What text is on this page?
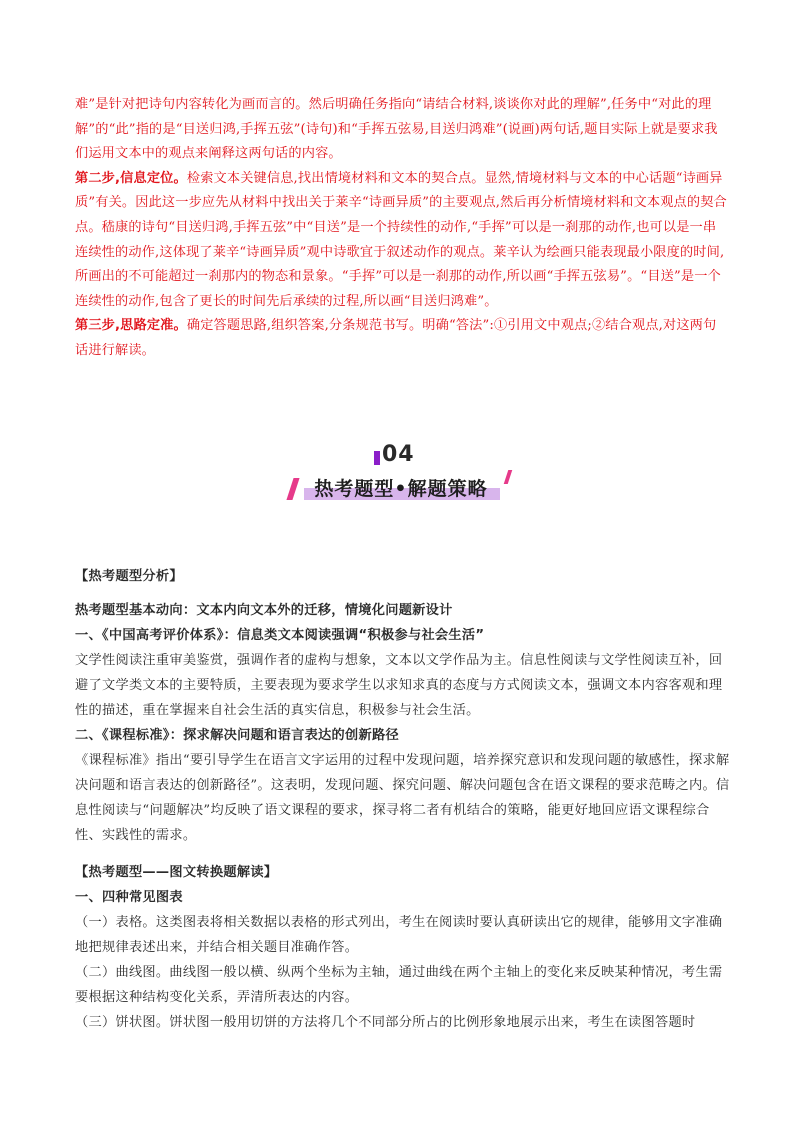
难”是针对把诗句内容转化为画而言的。然后明确任务指向“请结合材料,谈谈你对此的理解”,任务中“对此的理解”的“此”指的是“目送归鸿,手挥五弦”(诗句)和“手挥五弦易,目送归鸿难”(说画)两句话,题目实际上就是要求我们运用文本中的观点来阐释这两句话的内容。

第二步,信息定位。检索文本关键信息,找出情境材料和文本的契合点。显然,情境材料与文本的中心话题“诗画异质”有关。因此这一步应先从材料中找出关于莱辛“诗画异质”的主要观点,然后再分析情境材料和文本观点的契合点。嵇康的诗句“目送归鸿,手挥五弦”中“目送”是一个持续性的动作,“手挥”可以是一刹那的动作,也可以是一串连续性的动作,这体现了莱辛“诗画异质”观中诗歌宜于叙述动作的观点。莱辛认为绘画只能表现最小限度的时间,所画出的不可能超过一刹那内的物态和景象。“手挥”可以是一刹那的动作,所以画“手挥五弦易”。“目送”是一个连续性的动作,包含了更长的时间先后承续的过程,所以画“目送归鸿难”。

第三步,思路定准。确定答题思路,组织答案,分条规范书写。明确“答法”:①引用文中观点;②结合观点,对这两句话进行解读。

04
热考题型•解题策略

【热考题型分析】

热考题型基本动向：文本内向文本外的迁移，情境化问题新设计

一、《中国高考评价体系》：信息类文本阅读强调“积极参与社会生活”

文学性阅读注重审美鉴赏，强调作者的虚构与想象，文本以文学作品为主。信息性阅读与文学性阅读互补，回避了文学类文本的主要特质，主要表现为要求学生以求知求真的态度与方式阅读文本，强调文本内容客观和理性的描述，重在掌握来自社会生活的真实信息，积极参与社会生活。

二、《课程标准》：探求解决问题和语言表达的创新路径

《课程标准》指出“要引导学生在语言文字运用的过程中发现问题，培养探究意识和发现问题的敏感性，探求解决问题和语言表达的创新路径”。这表明，发现问题、探究问题、解决问题包含在语文课程的要求范畴之内。信息性阅读与“问题解决”均反映了语文课程的要求，探寻将二者有机结合的策略，能更好地回应语文课程综合性、实践性的需求。

【热考题型——图文转换题解读】

一、四种常见图表

（一）表格。这类图表将相关数据以表格的形式列出，考生在阅读时要认真研读出它的规律，能够用文字准确地把规律表述出来，并结合相关题目准确作答。

（二）曲线图。曲线图一般以横、纵两个坐标为主轴，通过曲线在两个主轴上的变化来反映某种情况，考生需要根据这种结构变化关系，弄清所表达的内容。

（三）饼状图。饼状图一般用切饼的方法将几个不同部分所占的比例形象地展示出来，考生在读图答题时
